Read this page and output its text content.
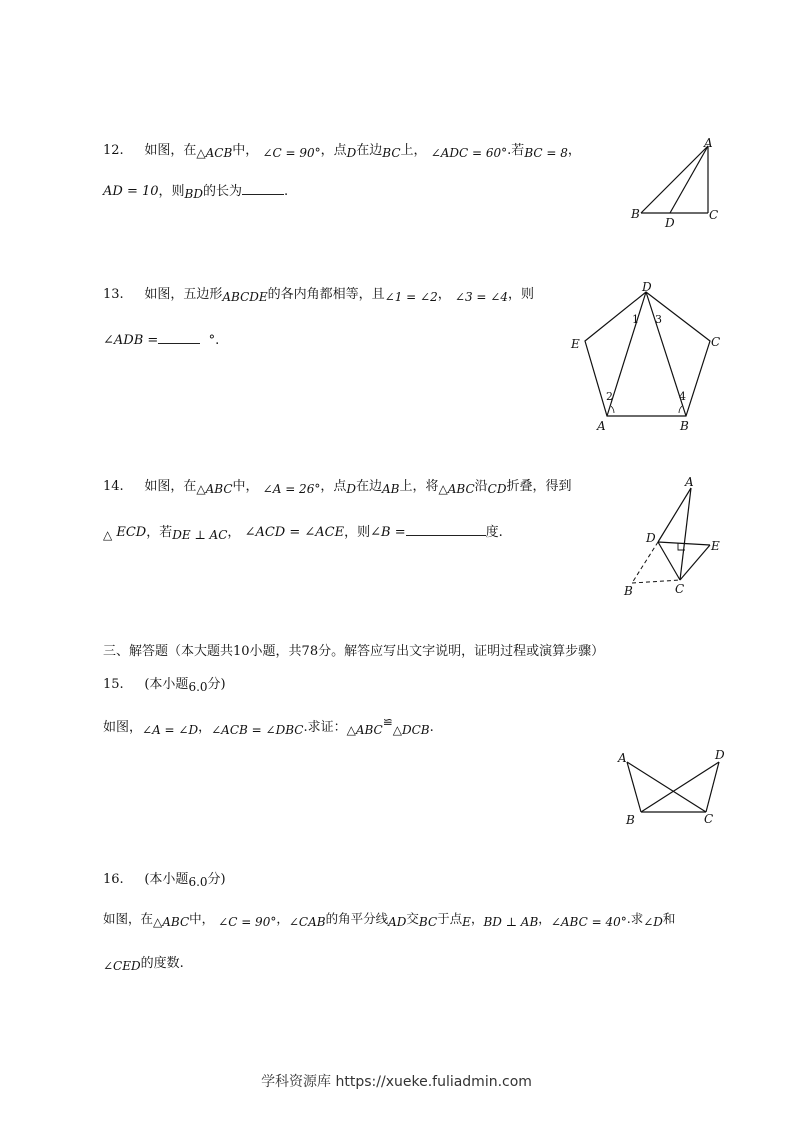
12. 如图，在△ACB中， ∠C = 90°，点D在边BC上， ∠ADC = 60°.若BC = 8，
AD = 10，则BD的长为	.
A
B
D
C
13. 如图，五边形ABCDE的各内角都相等，且∠1 = ∠2， ∠3 = ∠4，则
∠ADB =	°.
D
E	C
A	B
1 3
2	4
14. 如图，在△ABC中， ∠A = 26°，点D在边AB上，将△ABC沿CD折叠，得到
△ ECD，若DE ⊥ AC， ∠ACD = ∠ACE，则∠B =	度.
A
D
E
B	C
三、解答题（本大题共10小题，共78分。解答应写出文字说明，证明过程或演算步骤）
15. (本小题6.0分)
如图，∠A = ∠D，∠ACB = ∠DBC.求证：△ABC≌△DCB.
A	D
B	C
16. (本小题6.0分)
如图，在△ABC中， ∠C = 90°，∠CAB的角平分线AD交BC于点E，BD ⊥ AB，∠ABC = 40°.求∠D和
∠CED的度数.
学科资源库 https://xueke.fuliadmin.com
